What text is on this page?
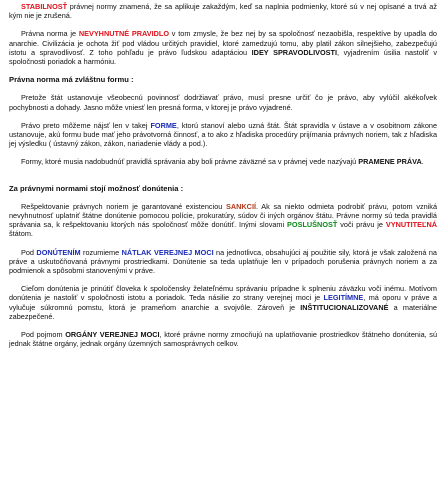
STABILNOSŤ právnej normy znamená, že sa aplikuje zakaždým, keď sa naplnia podmienky, ktoré sú v nej opísané a trvá až kým nie je zrušená.

Právna norma je NEVYHNUTNÉ PRAVIDLO v tom zmysle, že bez nej by sa spoločnosť nezaobišla, respektíve by upadla do anarchie. Civilizácia je ochota žiť pod vládou určitých pravidiel, ktoré zamedzujú tomu, aby platil zákon silnejšieho, zabezpečujú istotu a spravodlivosť. Z toho pohľadu je právo ľudskou adaptáciou IDEY SPRAVODLIVOSTI, vyjadrením úsilia nastoliť v spoločnosti poriadok a harmóniu.

Právna norma má zvláštnu formu :

Pretože štát ustanovuje všeobecnú povinnosť dodržiavať právo, musí presne určiť čo je právo, aby vylúčil akékoľvek pochybnosti a dohady. Jasno môže vniesť len presná forma, v ktorej je právo vyjadrené.

Právo preto môžeme nájsť len v takej FORME, ktorú stanoví alebo uzná štát. Štát spravidla v ústave a v osobitnom zákone ustanovuje, akú formu bude mať jeho právotvorná činnosť, a to ako z hľadiska procedúry prijímania právnych noriem, tak z hľadiska jej výsledku ( ústavný zákon, zákon, nariadenie vlády a pod.).

Formy, ktoré musia nadobudnúť pravidlá správania aby boli právne záväzné sa v právnej vede nazývajú PRAMENE PRÁVA.

Za právnymi normami stojí možnosť donútenia :

Rešpektovanie právnych noriem je garantované existenciou SANKCIÍ. Ak sa niekto odmieta podrobiť právu, potom vzniká nevyhnutnosť uplatniť štátne donútenie pomocou polície, prokuratúry, súdov či iných orgánov štátu. Právne normy sú teda pravidlá správania sa, k rešpektovaniu ktorých nás spoločnosť môže donútiť. Inými slovami POSLUŠNOSŤ voči právu je VYNUTITEĽNÁ štátom.

Pod DONÚTENÍM rozumieme NÁTLAK VEREJNEJ MOCI na jednotlivca, obsahujúci aj použitie sily, ktorá je však založená na práve a uskutočňovaná právnymi prostriedkami. Donútenie sa teda uplatňuje len v prípadoch porušenia právnych noriem a za podmienok a spôsobmi stanovenými v práve.

Cieľom donútenia je prinútiť človeka k spoločensky želateľnému správaniu prípadne k splneniu záväzku voči inému. Motívom donútenia je nastoliť v spoločnosti istotu a poriadok. Teda násilie zo strany verejnej moci je LEGITÍMNE, má oporu v práve a vylučuje súkromnú pomstu, ktorá je prameňom anarchie a svojvôle. Zároveň je INŠTITUCIONALIZOVANÉ a materiálne zabezpečené.

Pod pojmom ORGÁNY VEREJNEJ MOCI, ktoré právne normy zmocňujú na uplatňovanie prostriedkov štátneho donútenia, sú jednak štátne orgány, jednak orgány územných samosprávnych celkov.
